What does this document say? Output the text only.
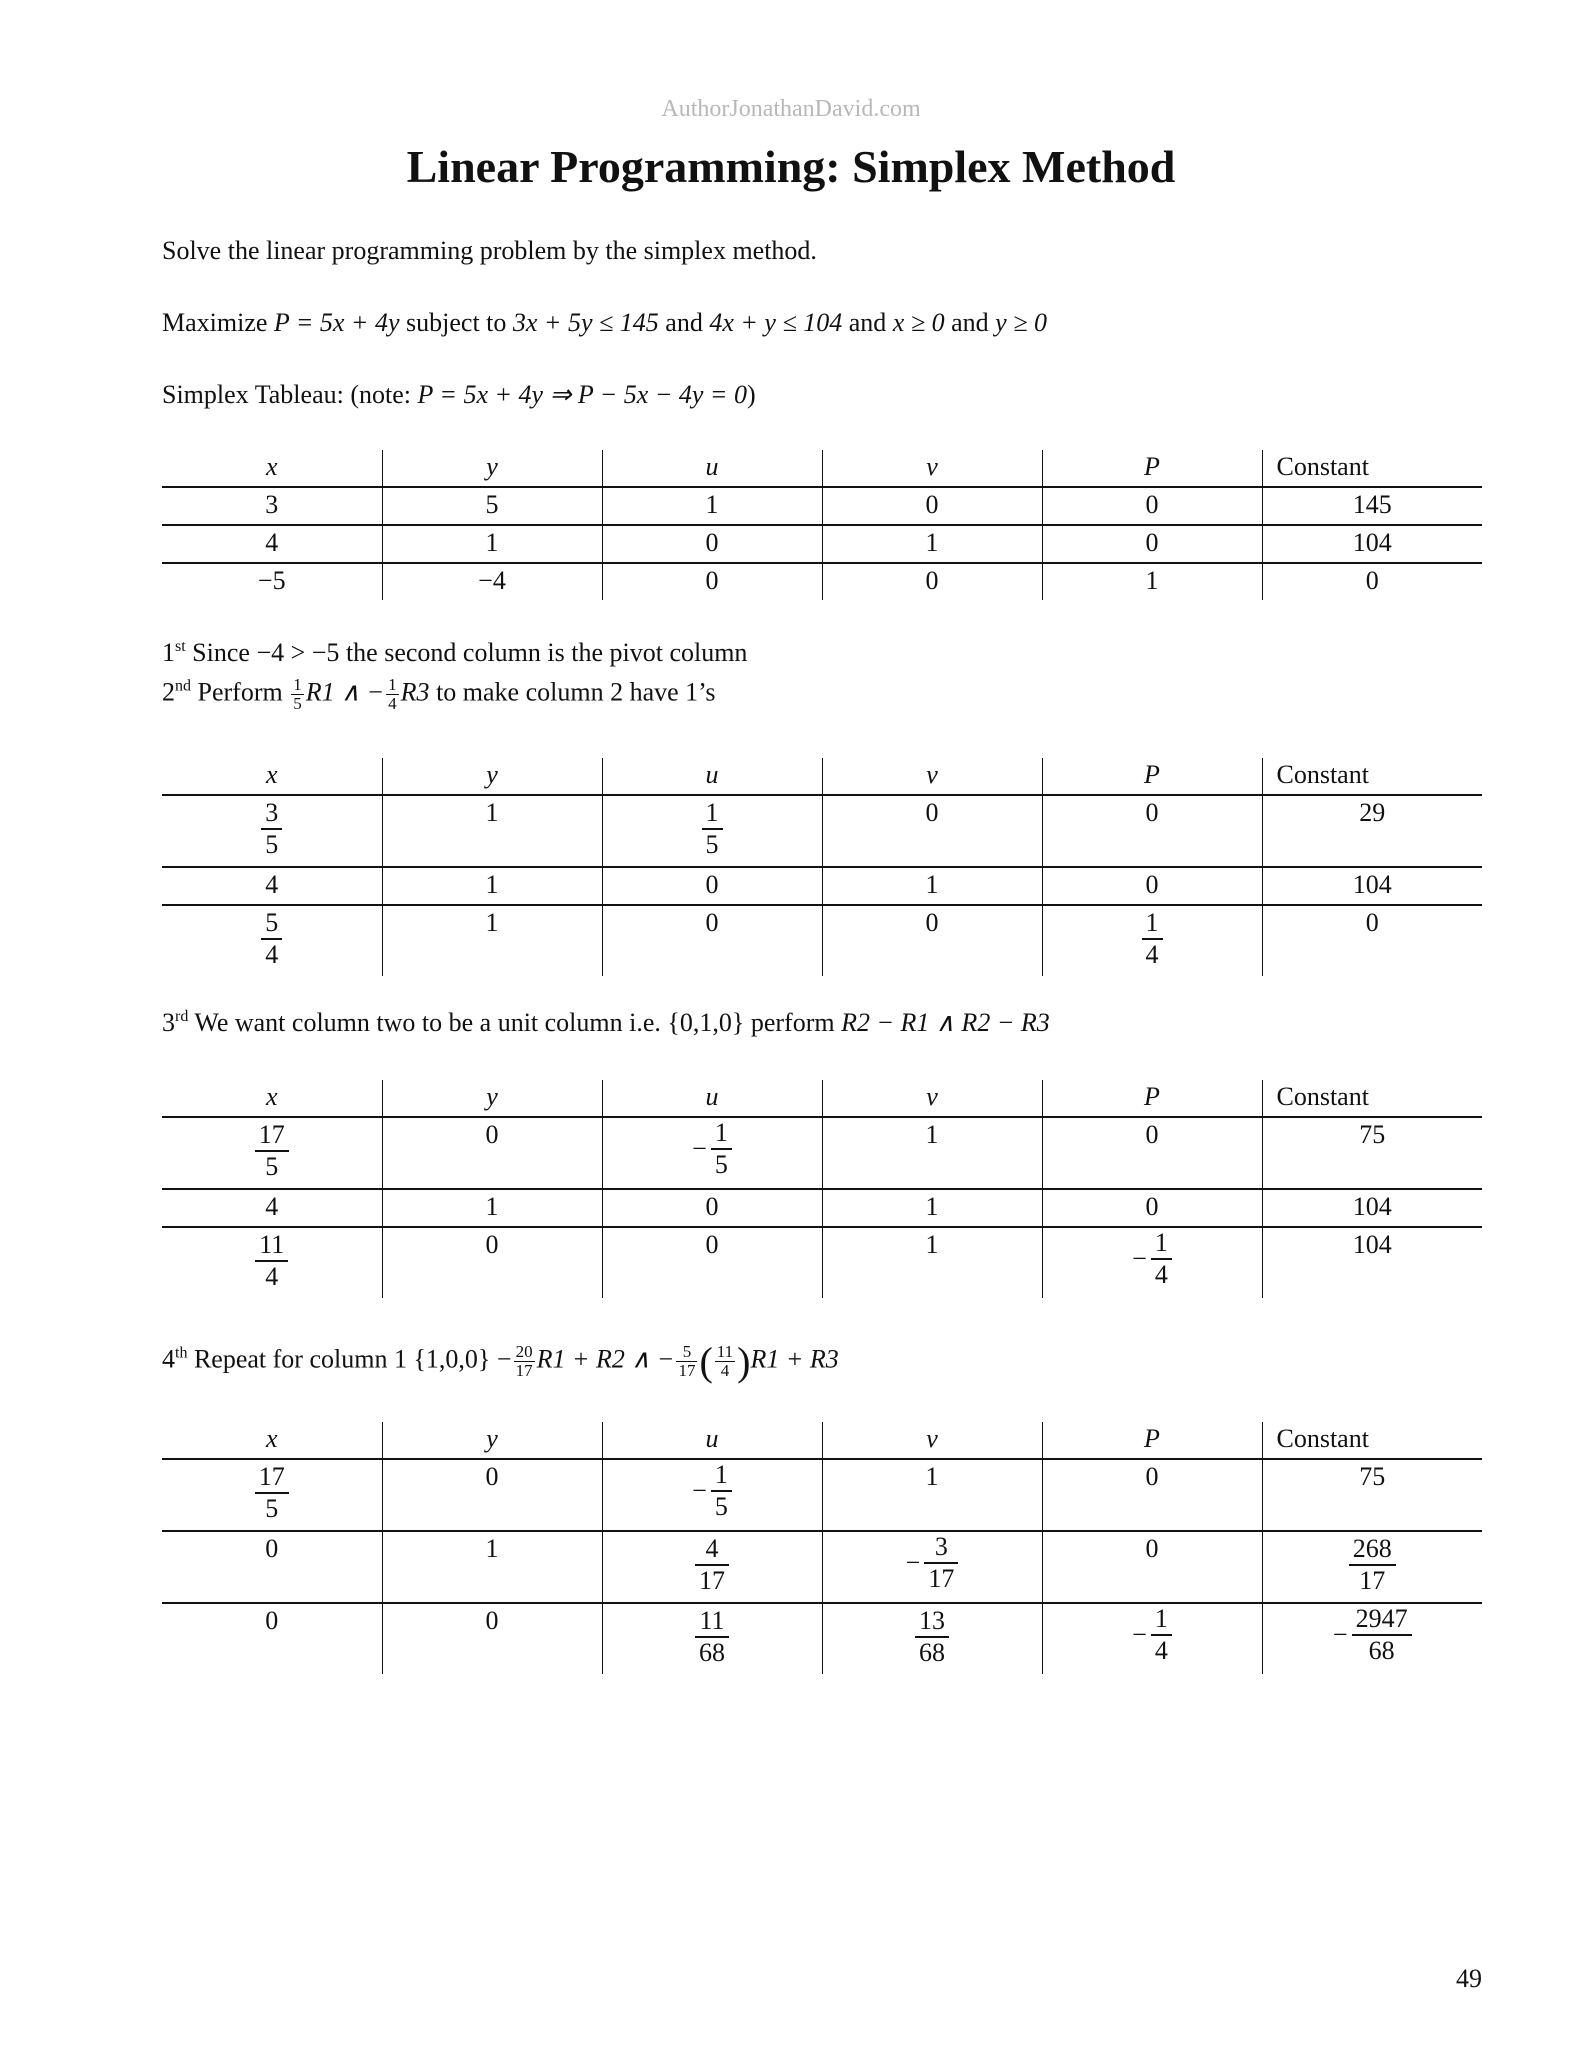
AuthorJonathanDavid.com
Linear Programming: Simplex Method
Solve the linear programming problem by the simplex method.
Maximize P = 5x + 4y subject to 3x + 5y ≤ 145 and 4x + y ≤ 104 and x ≥ 0 and y ≥ 0
Simplex Tableau: (note: P = 5x + 4y ⇒ P − 5x − 4y = 0)
x	y	u	v	P	Constant
3	5	1	0	0	145
4	1	0	1	0	104
−5	−4	0	0	1	0
1st Since −4 > −5 the second column is the pivot column
2nd Perform $\frac{1}{5} R1$ ∧ − $\frac{1}{4} R3$ to make column 2 have 1’s
x	y	u	v	P	Constant

$\frac{3}{5}$	1	$\frac{1}{5}$	0	0	29
4	1	0	1	0	104

$\frac{5}{4}$	1	0	0	$\frac{1}{4}$	0
3rd We want column two to be a unit column i.e. {0,1,0} perform R2 − R1 ∧ R2 − R3
x	y	u	v	P	Constant

$\frac{17}{5}$	0	− $\frac{1}{5}$	1	0	75
4	1	0	1	0	104

$\frac{11}{4}$	0	0	1	− $\frac{1}{4}$	104
4th Repeat for column 1 $\{1,0,0\} - \frac{20}{17} R1 + R2$ ∧ − $\frac{5}{17}$ ( $\frac{11}{4} )R1 + R3$
x	y	u	v	P	Constant

$\frac{17}{5}$	0	− $\frac{1}{5}$	1	0	75
0	1	$\frac{4}{17}$	− $\frac{3}{17}$	0	$\frac{268}{17}$

0	0	$\frac{11}{68}$	$\frac{13}{68}$	− $\frac{1}{4}$	− $\frac{2947}{68}$
49
